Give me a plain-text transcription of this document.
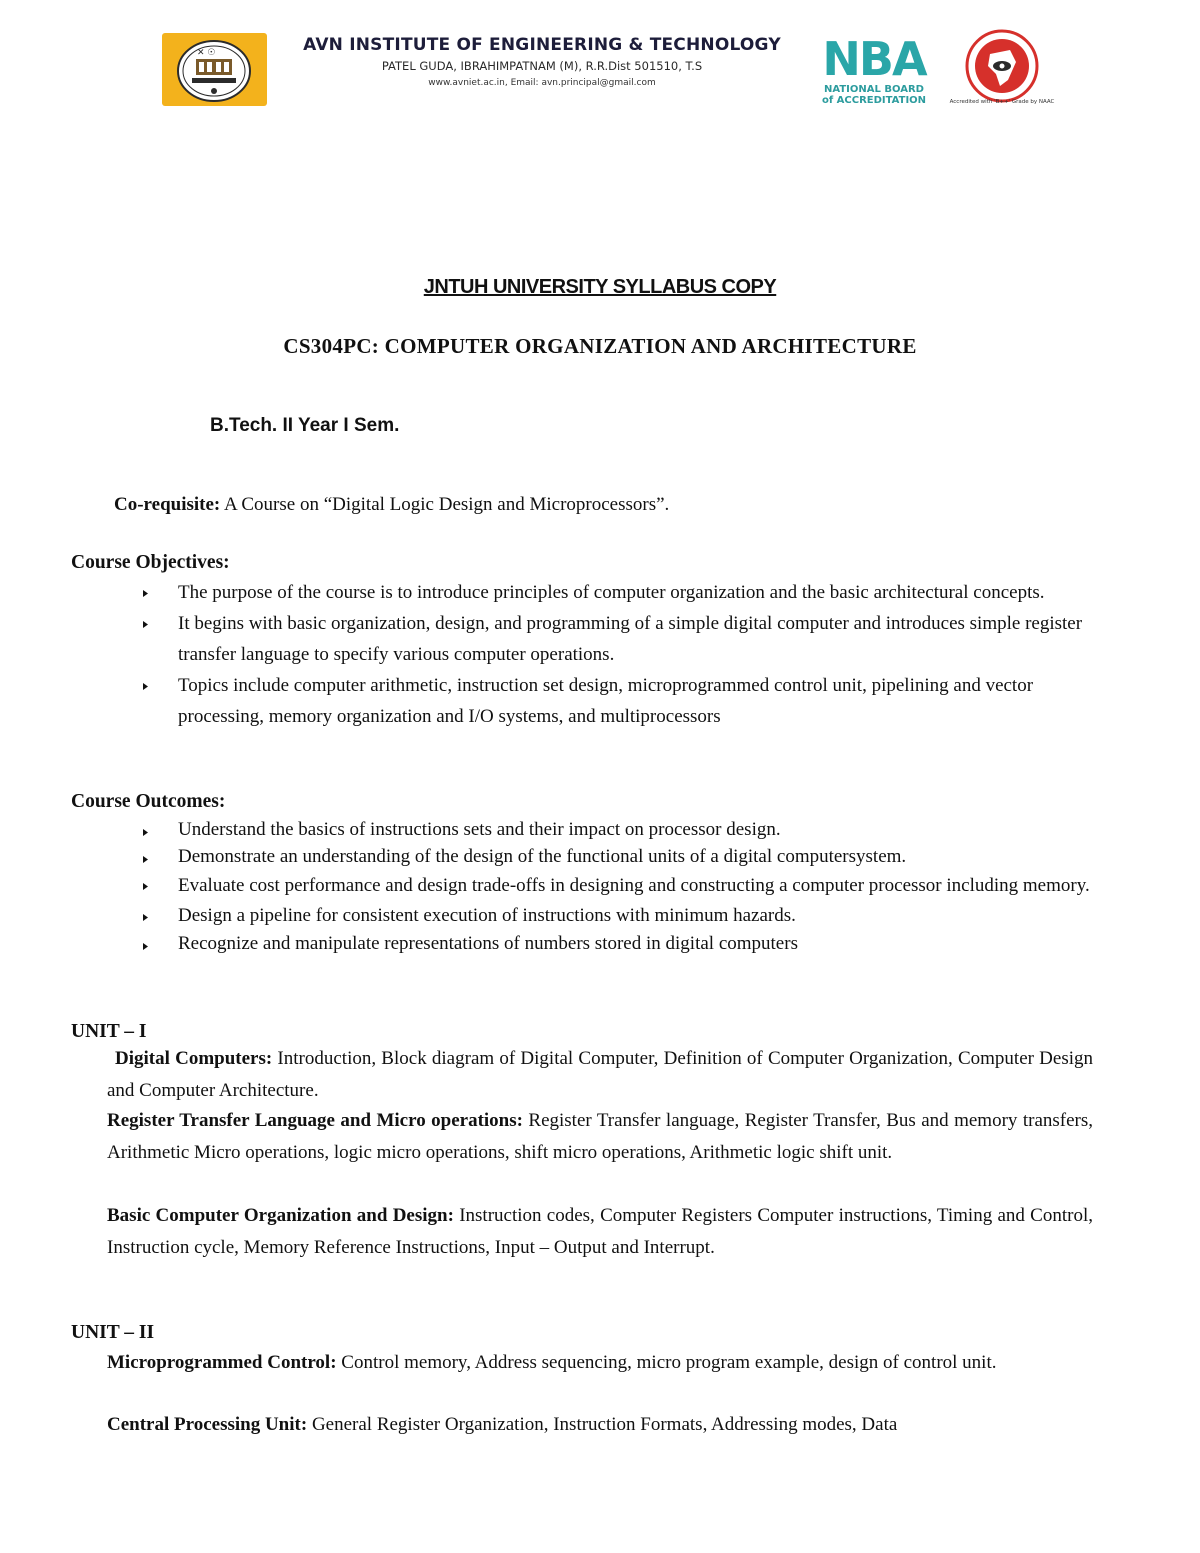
✕ ☉	AVN INSTITUTE OF ENGINEERING & TECHNOLOGY
PATEL GUDA, IBRAHIMPATNAM (M), R.R.Dist 501510, T.S
www.avniet.ac.in, Email: avn.principal@gmail.com	NBA
NATIONAL BOARD
of ACCREDITATION	Accredited with 'B++' Grade by NAAC
JNTUH UNIVERSITY SYLLABUS COPY
CS304PC: COMPUTER ORGANIZATION AND ARCHITECTURE
B.Tech. II Year I Sem.
Co-requisite: A Course on “Digital Logic Design and Microprocessors”.
Course Objectives:
The purpose of the course is to introduce principles of computer organization and the basic architectural concepts.
It begins with basic organization, design, and programming of a simple digital computer and introduces simple register transfer language to specify various computer operations.
Topics include computer arithmetic, instruction set design, microprogrammed control unit, pipelining and vector processing, memory organization and I/O systems, and multiprocessors
Course Outcomes:
Understand the basics of instructions sets and their impact on processor design.
Demonstrate an understanding of the design of the functional units of a digital computersystem.
Evaluate cost performance and design trade-offs in designing and constructing a computer processor including memory.
Design a pipeline for consistent execution of instructions with minimum hazards.
Recognize and manipulate representations of numbers stored in digital computers
UNIT – I
Digital Computers: Introduction, Block diagram of Digital Computer, Definition of Computer Organization, Computer Design and Computer Architecture.
Register Transfer Language and Micro operations: Register Transfer language, Register Transfer, Bus and memory transfers, Arithmetic Micro operations, logic micro operations, shift micro operations, Arithmetic logic shift unit.
Basic Computer Organization and Design: Instruction codes, Computer Registers Computer instructions, Timing and Control, Instruction cycle, Memory Reference Instructions, Input – Output and Interrupt.
UNIT – II
Microprogrammed Control: Control memory, Address sequencing, micro program example, design of control unit.
Central Processing Unit: General Register Organization, Instruction Formats, Addressing modes, Data
